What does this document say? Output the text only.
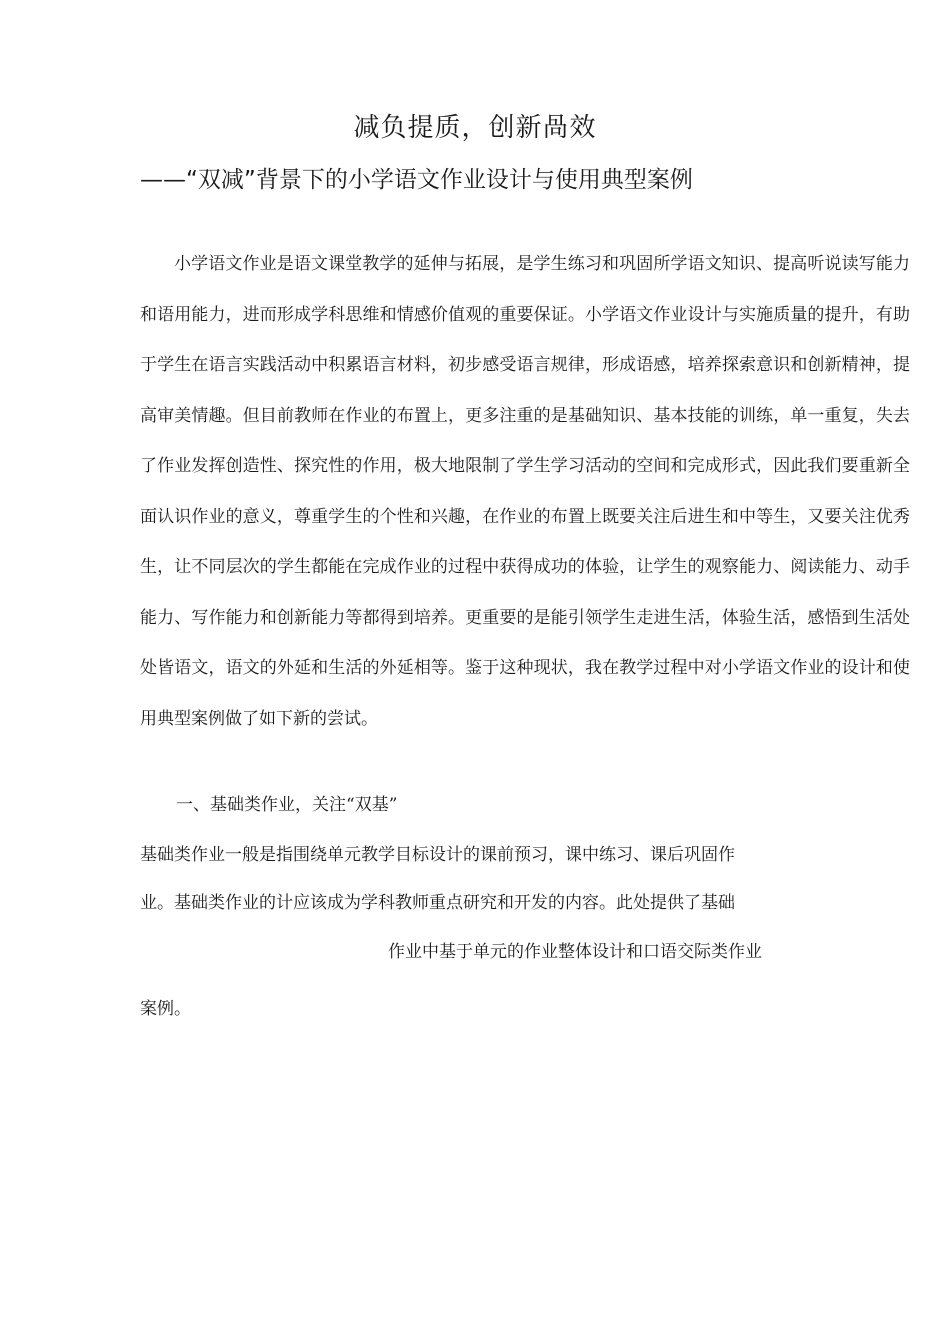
减负提质，创新咼效
——“双减”背景下的小学语文作业设计与使用典型案例

小学语文作业是语文课堂教学的延伸与拓展，是学生练习和巩固所学语文知识、提高听说读写能力和语用能力，进而形成学科思维和情感价值观的重要保证。小学语文作业设计与实施质量的提升，有助于学生在语言实践活动中积累语言材料，初步感受语言规律，形成语感，培养探索意识和创新精神，提高审美情趣。但目前教师在作业的布置上，更多注重的是基础知识、基本技能的训练，单一重复，失去了作业发挥创造性、探究性的作用，极大地限制了学生学习活动的空间和完成形式，因此我们要重新全面认识作业的意义，尊重学生的个性和兴趣，在作业的布置上既要关注后进生和中等生，又要关注优秀生，让不同层次的学生都能在完成作业的过程中获得成功的体验，让学生的观察能力、阅读能力、动手能力、写作能力和创新能力等都得到培养。更重要的是能引领学生走进生活，体验生活，感悟到生活处处皆语文，语文的外延和生活的外延相等。鉴于这种现状，我在教学过程中对小学语文作业的设计和使用典型案例做了如下新的尝试。

一、基础类作业，关注“双基”

基础类作业一般是指围绕单元教学目标设计的课前预习，课中练习、课后巩固作

业。基础类作业的计应该成为学科教师重点研究和开发的内容。此处提供了基础

作业中基于单元的作业整体设计和口语交际类作业

案例。
